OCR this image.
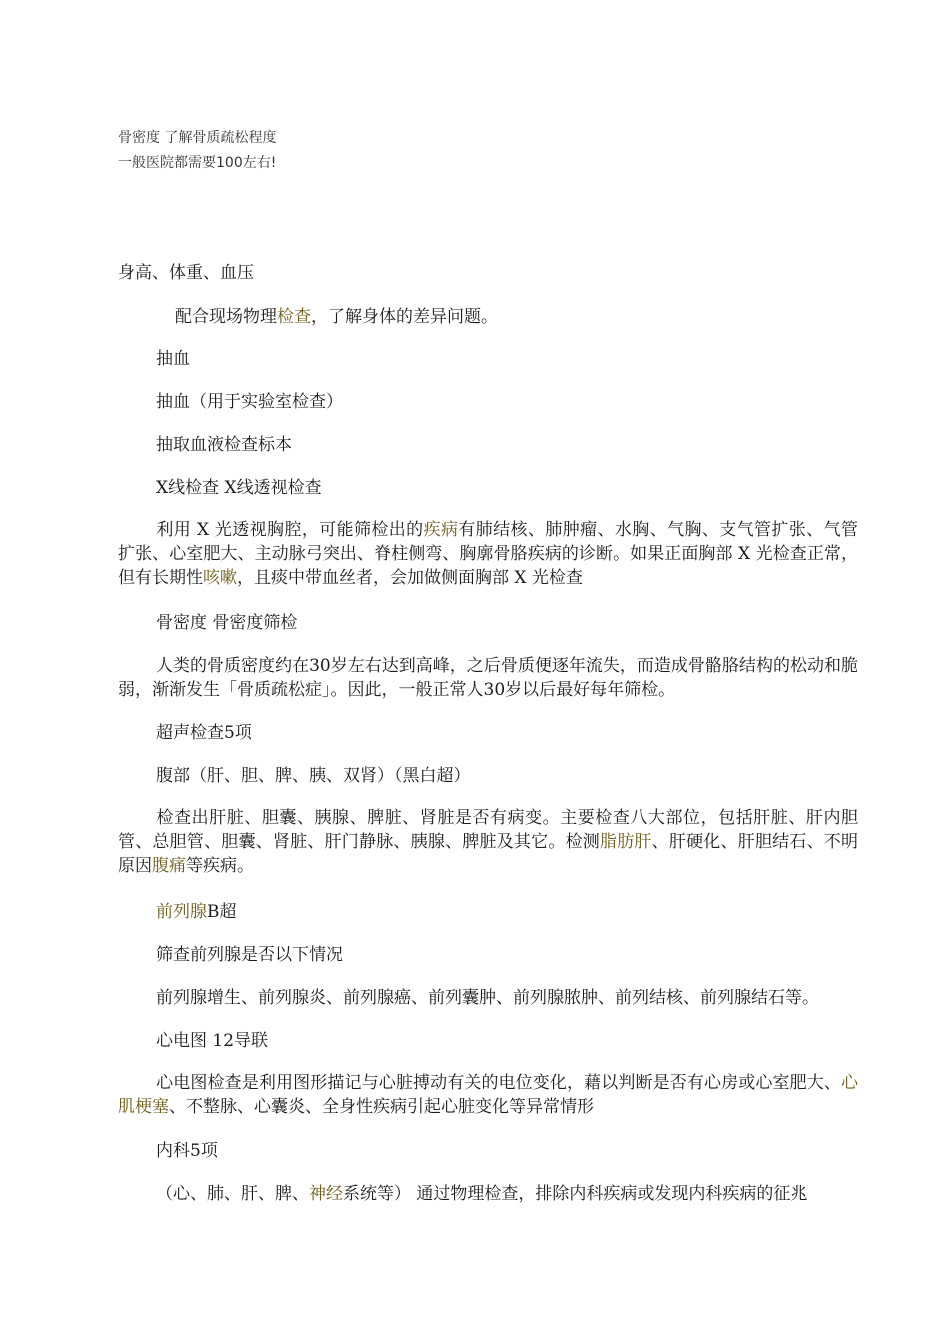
骨密度 了解骨质疏松程度
一般医院都需要100左右!
身高、体重、血压
配合现场物理检查，了解身体的差异问题。
抽血
抽血（用于实验室检查）
抽取血液检查标本
X线检查 X线透视检查
利用 X 光透视胸腔，可能筛检出的疾病有肺结核、肺肿瘤、水胸、气胸、支气管扩张、气管扩张、心室肥大、主动脉弓突出、脊柱侧弯、胸廓骨胳疾病的诊断。如果正面胸部 X 光检查正常，但有长期性咳嗽，且痰中带血丝者，会加做侧面胸部 X 光检查
骨密度 骨密度筛检
人类的骨质密度约在30岁左右达到高峰，之后骨质便逐年流失，而造成骨骼胳结构的松动和脆弱，渐渐发生「骨质疏松症」。因此，一般正常人30岁以后最好每年筛检。
超声检查5项
腹部（肝、胆、脾、胰、双肾）（黑白超）
检查出肝脏、胆囊、胰腺、脾脏、肾脏是否有病变。主要检查八大部位，包括肝脏、肝内胆管、总胆管、胆囊、肾脏、肝门静脉、胰腺、脾脏及其它。检测脂肪肝、肝硬化、肝胆结石、不明原因腹痛等疾病。
前列腺B超
筛查前列腺是否以下情况
前列腺增生、前列腺炎、前列腺癌、前列囊肿、前列腺脓肿、前列结核、前列腺结石等。
心电图 12导联
心电图检查是利用图形描记与心脏搏动有关的电位变化，藉以判断是否有心房或心室肥大、心肌梗塞、不整脉、心囊炎、全身性疾病引起心脏变化等异常情形
内科5项
（心、肺、肝、脾、神经系统等） 通过物理检查，排除内科疾病或发现内科疾病的征兆
